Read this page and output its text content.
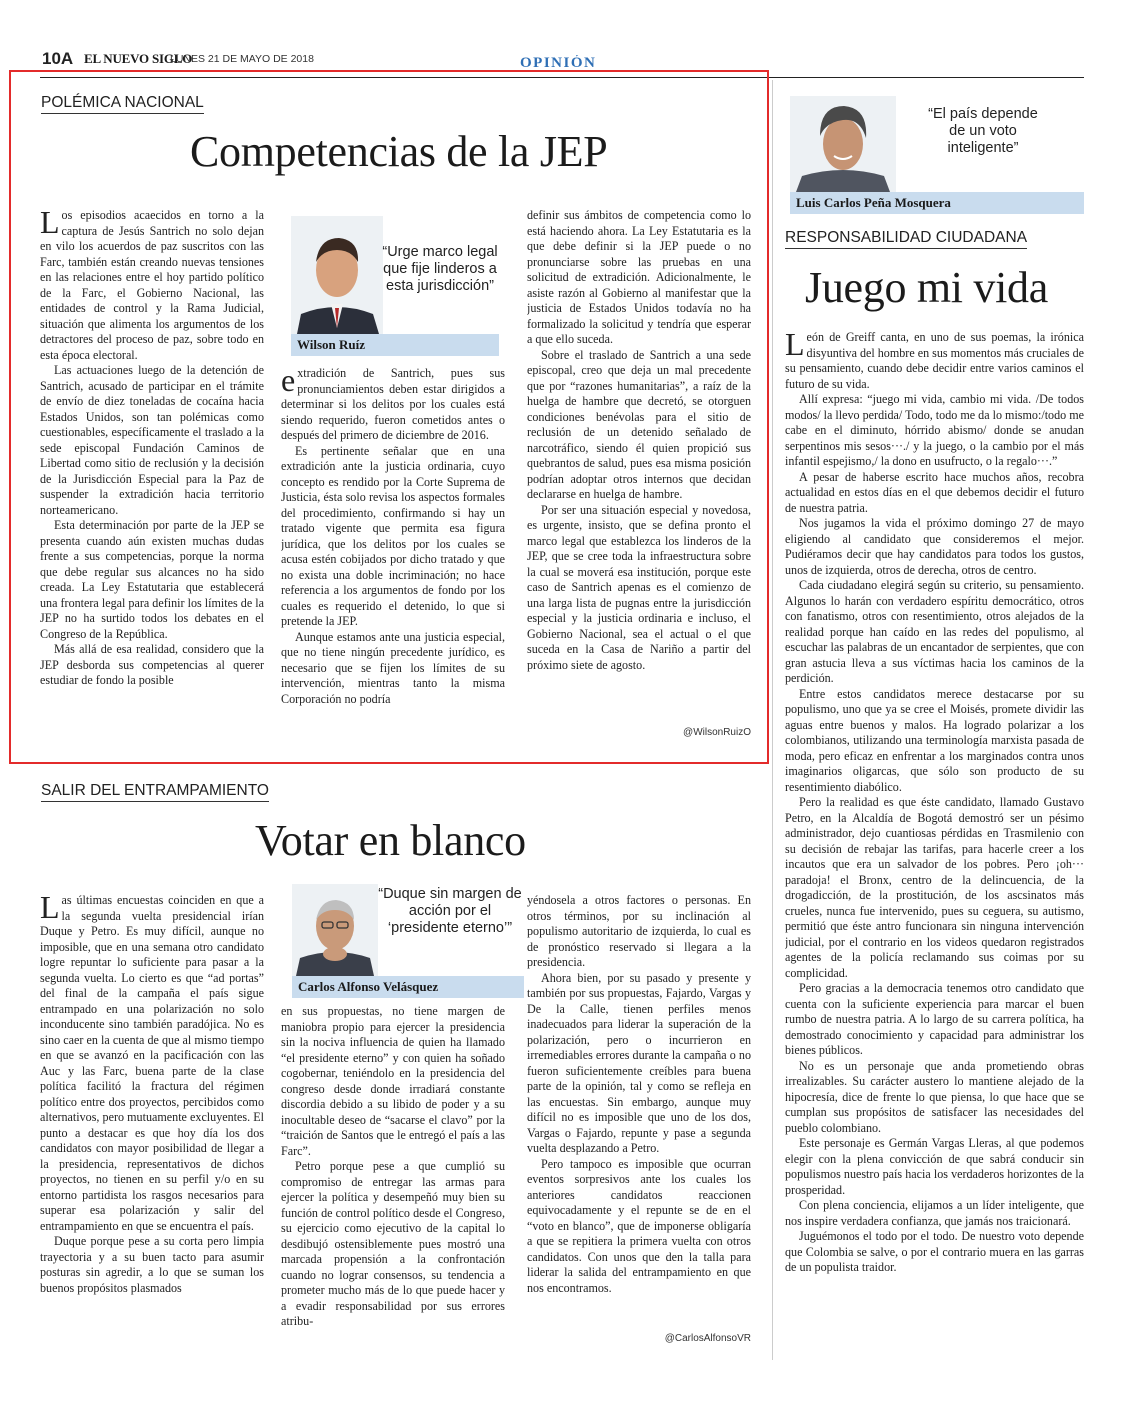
10A EL NUEVO SIGLO
LUNES 21 DE MAYO DE 2018	OPINIÓN
POLÉMICA NACIONAL
Competencias de la JEP

Los episodios acaecidos en torno a la captura de Jesús Santrich no solo dejan en vilo los acuerdos de paz suscritos con las Farc, también están creando nuevas tensiones en las relaciones entre el hoy partido político de la Farc, el Gobierno Nacional, las entidades de control y la Rama Judicial, situación que alimenta los argumentos de los detractores del proceso de paz, sobre todo en esta época electoral.

Las actuaciones luego de la detención de Santrich, acusado de participar en el trámite de envío de diez toneladas de cocaína hacia Estados Unidos, son tan polémicas como cuestionables, específicamente el traslado a la sede episcopal Fundación Caminos de Libertad como sitio de reclusión y la decisión de la Jurisdicción Especial para la Paz de suspender la extradición hacia territorio norteamericano.

Esta determinación por parte de la JEP se presenta cuando aún existen muchas dudas frente a sus competencias, porque la norma que debe regular sus alcances no ha sido creada. La Ley Estatutaria que establecerá una frontera legal para definir los límites de la JEP no ha surtido todos los debates en el Congreso de la República.

Más allá de esa realidad, considero que la JEP desborda sus competencias al querer estudiar de fondo la posible

Wilson Ruíz
“Urge marco legal que fije linderos a esta jurisdicción”

extradición de Santrich, pues sus pronunciamientos deben estar dirigidos a determinar si los delitos por los cuales está siendo requerido, fueron cometidos antes o después del primero de diciembre de 2016.

Es pertinente señalar que en una extradición ante la justicia ordinaria, cuyo concepto es rendido por la Corte Suprema de Justicia, ésta solo revisa los aspectos formales del procedimiento, confirmando si hay un tratado vigente que permita esa figura jurídica, que los delitos por los cuales se acusa estén cobijados por dicho tratado y que no exista una doble incriminación; no hace referencia a los argumentos de fondo por los cuales es requerido el detenido, lo que si pretende la JEP.

Aunque estamos ante una justicia especial, que no tiene ningún precedente jurídico, es necesario que se fijen los límites de su intervención, mientras tanto la misma Corporación no podría

definir sus ámbitos de competencia como lo está haciendo ahora. La Ley Estatutaria es la que debe definir si la JEP puede o no pronunciarse sobre las pruebas en una solicitud de extradición. Adicionalmente, le asiste razón al Gobierno al manifestar que la justicia de Estados Unidos todavía no ha formalizado la solicitud y tendría que esperar a que ello suceda.

Sobre el traslado de Santrich a una sede episcopal, creo que deja un mal precedente que por “razones humanitarias”, a raíz de la huelga de hambre que decretó, se otorguen condiciones benévolas para el sitio de reclusión de un detenido señalado de narcotráfico, siendo él quien propició sus quebrantos de salud, pues esa misma posición podrían adoptar otros internos que decidan declararse en huelga de hambre.

Por ser una situación especial y novedosa, es urgente, insisto, que se defina pronto el marco legal que establezca los linderos de la JEP, que se cree toda la infraestructura sobre la cual se moverá esa institución, porque este caso de Santrich apenas es el comienzo de una larga lista de pugnas entre la jurisdicción especial y la justicia ordinaria e incluso, el Gobierno Nacional, sea el actual o el que suceda en la Casa de Nariño a partir del próximo siete de agosto.

@WilsonRuizO
SALIR DEL ENTRAMPAMIENTO
Votar en blanco

Las últimas encuestas coinciden en que a la segunda vuelta presidencial irían Duque y Petro. Es muy difícil, aunque no imposible, que en una semana otro candidato logre repuntar lo suficiente para pasar a la segunda vuelta. Lo cierto es que “ad portas” del final de la campaña el país sigue entrampado en una polarización no solo inconducente sino también paradójica. No es sino caer en la cuenta de que al mismo tiempo en que se avanzó en la pacificación con las Auc y las Farc, buena parte de la clase política facilitó la fractura del régimen político entre dos proyectos, percibidos como alternativos, pero mutuamente excluyentes. El punto a destacar es que hoy día los dos candidatos con mayor posibilidad de llegar a la presidencia, representativos de dichos proyectos, no tienen en su perfil y/o en su entorno partidista los rasgos necesarios para superar esa polarización y salir del entrampamiento en que se encuentra el país.

Duque porque pese a su corta pero limpia trayectoria y a su buen tacto para asumir posturas sin agredir, a lo que se suman los buenos propósitos plasmados

Carlos Alfonso Velásquez
“Duque sin margen de acción por el ‘presidente eterno’”

en sus propuestas, no tiene margen de maniobra propio para ejercer la presidencia sin la nociva influencia de quien ha llamado “el presidente eterno” y con quien ha soñado cogobernar, teniéndolo en la presidencia del congreso desde donde irradiará constante discordia debido a su libido de poder y a su inocultable deseo de “sacarse el clavo” por la “traición de Santos que le entregó el país a las Farc”.

Petro porque pese a que cumplió su compromiso de entregar las armas para ejercer la política y desempeñó muy bien su función de control político desde el Congreso, su ejercicio como ejecutivo de la capital lo desdibujó ostensiblemente pues mostró una marcada propensión a la confrontación cuando no lograr consensos, su tendencia a prometer mucho más de lo que puede hacer y a evadir responsabilidad por sus errores atribu-

yéndosela a otros factores o personas. En otros términos, por su inclinación al populismo autoritario de izquierda, lo cual es de pronóstico reservado si llegara a la presidencia.

Ahora bien, por su pasado y presente y también por sus propuestas, Fajardo, Vargas y De la Calle, tienen perfiles menos inadecuados para liderar la superación de la polarización, pero o incurrieron en irremediables errores durante la campaña o no fueron suficientemente creíbles para buena parte de la opinión, tal y como se refleja en las encuestas. Sin embargo, aunque muy difícil no es imposible que uno de los dos, Vargas o Fajardo, repunte y pase a segunda vuelta desplazando a Petro.

Pero tampoco es imposible que ocurran eventos sorpresivos ante los cuales los anteriores candidatos reaccionen equivocadamente y el repunte se de en el “voto en blanco”, que de imponerse obligaría a que se repitiera la primera vuelta con otros candidatos. Con unos que den la talla para liderar la salida del entrampamiento en que nos encontramos.

@CarlosAlfonsoVR
Luis Carlos Peña Mosquera
“El país depende de un voto inteligente”
RESPONSABILIDAD CIUDADANA
Juego mi vida

León de Greiff canta, en uno de sus poemas, la irónica disyuntiva del hombre en sus momentos más cruciales de su pensamiento, cuando debe decidir entre varios caminos el futuro de su vida.

Allí expresa: “juego mi vida, cambio mi vida. /De todos modos/ la llevo perdida/ Todo, todo me da lo mismo:/todo me cabe en el diminuto, hórrido abismo/ donde se anudan serpentinos mis sesos···./ y la juego, o la cambio por el más infantil espejismo,/ la dono en usufructo, o la regalo···.”

A pesar de haberse escrito hace muchos años, recobra actualidad en estos días en el que debemos decidir el futuro de nuestra patria.

Nos jugamos la vida el próximo domingo 27 de mayo eligiendo al candidato que consideremos el mejor. Pudiéramos decir que hay candidatos para todos los gustos, unos de izquierda, otros de derecha, otros de centro.

Cada ciudadano elegirá según su criterio, su pensamiento. Algunos lo harán con verdadero espíritu democrático, otros con fanatismo, otros con resentimiento, otros alejados de la realidad porque han caído en las redes del populismo, al escuchar las palabras de un encantador de serpientes, que con gran astucia lleva a sus víctimas hacia los caminos de la perdición.

Entre estos candidatos merece destacarse por su populismo, uno que ya se cree el Moisés, promete dividir las aguas entre buenos y malos. Ha logrado polarizar a los colombianos, utilizando una terminología marxista pasada de moda, pero eficaz en enfrentar a los marginados contra unos imaginarios oligarcas, que sólo son producto de su resentimiento diabólico.

Pero la realidad es que éste candidato, llamado Gustavo Petro, en la Alcaldía de Bogotá demostró ser un pésimo administrador, dejo cuantiosas pérdidas en Trasmilenio con su decisión de rebajar las tarifas, para hacerle creer a los incautos que era un salvador de los pobres. Pero ¡oh··· paradoja! el Bronx, centro de la delincuencia, de la drogadicción, de la prostitución, de los ascsinatos más crueles, nunca fue intervenido, pues su ceguera, su autismo, permitió que éste antro funcionara sin ninguna intervención judicial, por el contrario en los videos quedaron registrados agentes de la policía reclamando sus coimas por su complicidad.

Pero gracias a la democracia tenemos otro candidato que cuenta con la suficiente experiencia para marcar el buen rumbo de nuestra patria. A lo largo de su carrera política, ha demostrado conocimiento y capacidad para administrar los bienes públicos.

No es un personaje que anda prometiendo obras irrealizables. Su carácter austero lo mantiene alejado de la hipocresía, dice de frente lo que piensa, lo que hace que se cumplan sus propósitos de satisfacer las necesidades del pueblo colombiano.

Este personaje es Germán Vargas Lleras, al que podemos elegir con la plena convicción de que sabrá conducir sin populismos nuestro país hacia los verdaderos horizontes de la prosperidad.

Con plena conciencia, elijamos a un líder inteligente, que nos inspire verdadera confianza, que jamás nos traicionará.

Juguémonos el todo por el todo. De nuestro voto depende que Colombia se salve, o por el contrario muera en las garras de un populista traidor.
